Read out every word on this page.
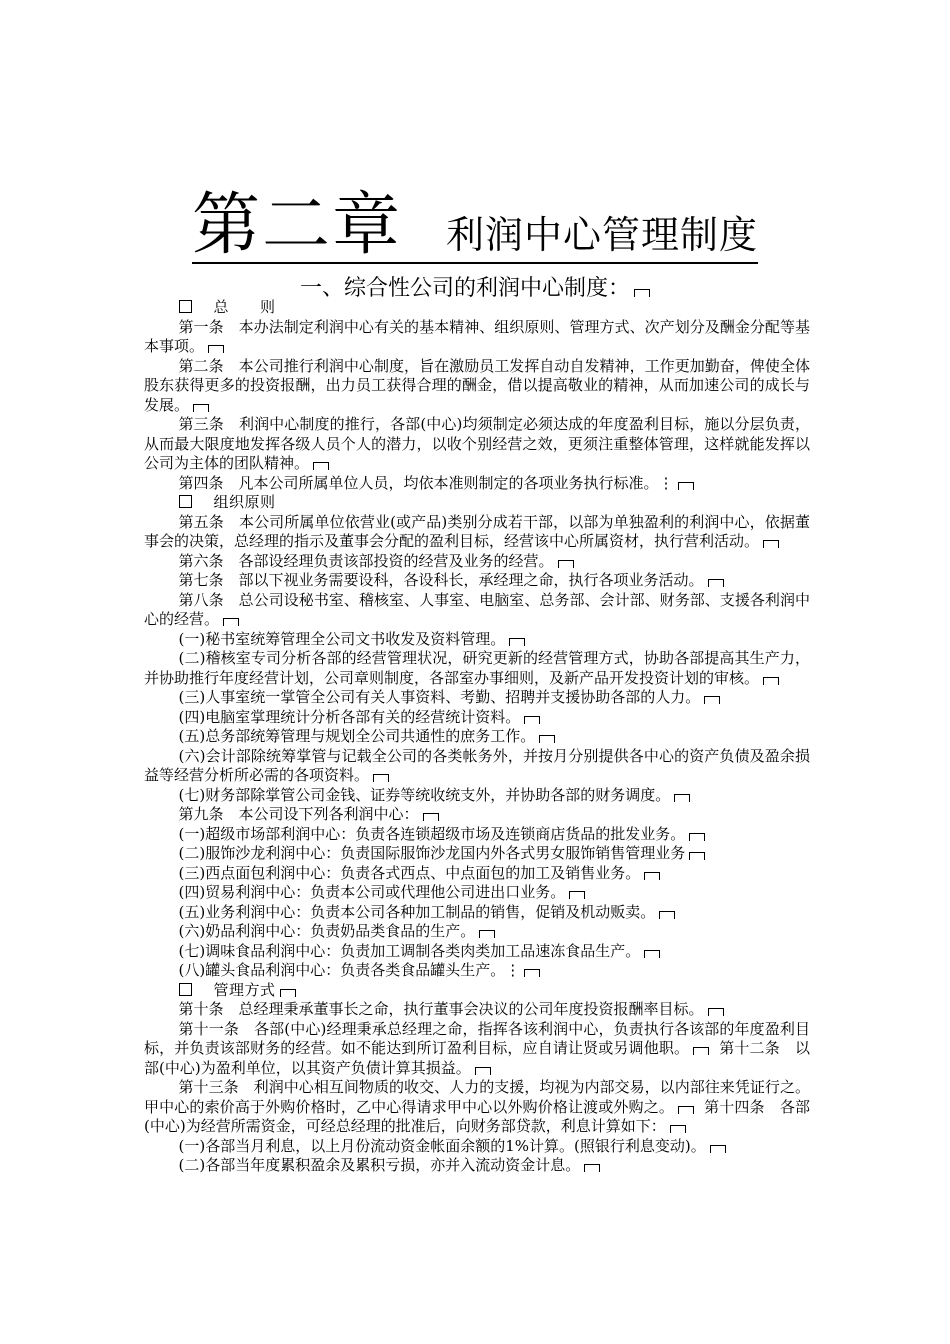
第二章 利润中心管理制度
一、综合性公司的利润中心制度：

总　　则

第一条　本办法制定利润中心有关的基本精神、组织原则、管理方式、次产划分及酬金分配等基本事项。

第二条　本公司推行利润中心制度，旨在激励员工发挥自动自发精神，工作更加勤奋，俾使全体股东获得更多的投资报酬，出力员工获得合理的酬金，借以提高敬业的精神，从而加速公司的成长与发展。

第三条　利润中心制度的推行，各部(中心)均须制定必须达成的年度盈利目标，施以分层负责，从而最大限度地发挥各级人员个人的潜力，以收个别经营之效，更须注重整体管理，这样就能发挥以公司为主体的团队精神。

第四条　凡本公司所属单位人员，均依本准则制定的各项业务执行标准。⋮

组织原则

第五条　本公司所属单位依营业(或产品)类别分成若干部，以部为单独盈利的利润中心，依据董事会的决策，总经理的指示及董事会分配的盈利目标，经营该中心所属资材，执行营利活动。

第六条　各部设经理负责该部投资的经营及业务的经营。

第七条　部以下视业务需要设科，各设科长，承经理之命，执行各项业务活动。

第八条　总公司设秘书室、稽核室、人事室、电脑室、总务部、会计部、财务部、支援各利润中心的经营。

(一)秘书室统筹管理全公司文书收发及资料管理。

(二)稽核室专司分析各部的经营管理状况，研究更新的经营管理方式，协助各部提高其生产力，并协助推行年度经营计划，公司章则制度，各部室办事细则，及新产品开发投资计划的审核。

(三)人事室统一掌管全公司有关人事资料、考勤、招聘并支援协助各部的人力。

(四)电脑室掌理统计分析各部有关的经营统计资料。

(五)总务部统筹管理与规划全公司共通性的庶务工作。

(六)会计部除统筹掌管与记载全公司的各类帐务外，并按月分别提供各中心的资产负债及盈余损益等经营分析所必需的各项资料。

(七)财务部除掌管公司金钱、证券等统收统支外，并协助各部的财务调度。

第九条　本公司设下列各利润中心：

(一)超级市场部利润中心：负责各连锁超级市场及连锁商店货品的批发业务。

(二)服饰沙龙利润中心：负责国际服饰沙龙国内外各式男女服饰销售管理业务

(三)西点面包利润中心：负责各式西点、中点面包的加工及销售业务。

(四)贸易利润中心：负责本公司或代理他公司进出口业务。

(五)业务利润中心：负责本公司各种加工制品的销售，促销及机动贩卖。

(六)奶品利润中心：负责奶品类食品的生产。

(七)调味食品利润中心：负责加工调制各类肉类加工品速冻食品生产。

(八)罐头食品利润中心：负责各类食品罐头生产。⋮

管理方式

第十条　总经理秉承董事长之命，执行董事会决议的公司年度投资报酬率目标。

第十一条　各部(中心)经理秉承总经理之命，指挥各该利润中心，负责执行各该部的年度盈利目标，并负责该部财务的经营。如不能达到所订盈利目标，应自请让贤或另调他职。 第十二条　以部(中心)为盈利单位，以其资产负债计算其损益。

第十三条　利润中心相互间物质的收交、人力的支援，均视为内部交易，以内部往来凭证行之。甲中心的索价高于外购价格时，乙中心得请求甲中心以外购价格让渡或外购之。 第十四条　各部(中心)为经营所需资金，可经总经理的批准后，向财务部贷款，利息计算如下：

(一)各部当月利息，以上月份流动资金帐面余额的1%计算。(照银行利息变动)。

(二)各部当年度累积盈余及累积亏损，亦并入流动资金计息。
